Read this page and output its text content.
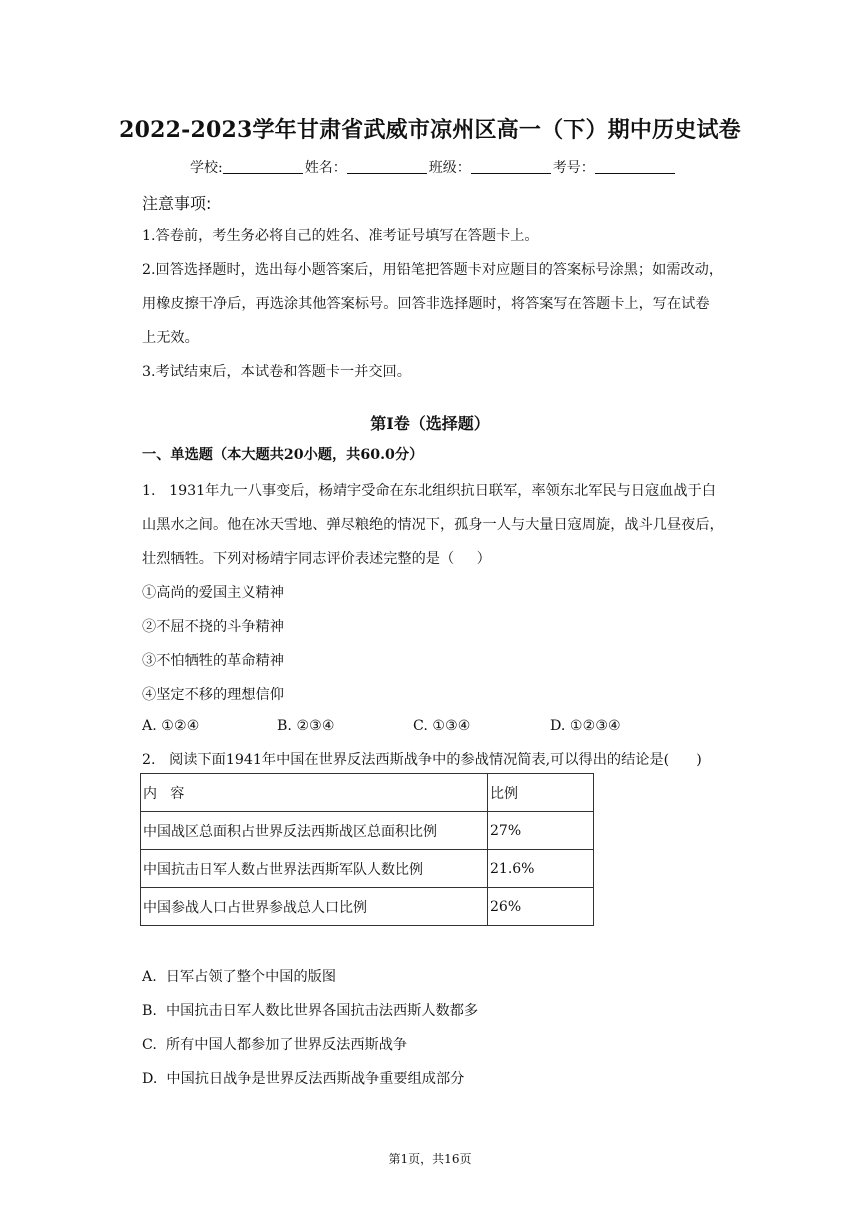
2022-2023学年甘肃省武威市凉州区高一（下）期中历史试卷
学校:	姓名：	班级：	考号：
注意事项:
1.答卷前，考生务必将自己的姓名、准考证号填写在答题卡上。
2.回答选择题时，选出每小题答案后，用铅笔把答题卡对应题目的答案标号涂黑；如需改动，
用橡皮擦干净后，再选涂其他答案标号。回答非选择题时，将答案写在答题卡上，写在试卷
上无效。
3.考试结束后，本试卷和答题卡一并交回。
第I卷（选择题）
一、单选题（本大题共20小题，共60.0分）
1.   1931年九一八事变后，杨靖宇受命在东北组织抗日联军，率领东北军民与日寇血战于白
山黑水之间。他在冰天雪地、弹尽粮绝的情况下，孤身一人与大量日寇周旋，战斗几昼夜后，
壮烈牺牲。下列对杨靖宇同志评价表述完整的是（     ）
①高尚的爱国主义精神
②不屈不挠的斗争精神
③不怕牺牲的革命精神
④坚定不移的理想信仰
A. ①②④	B. ②③④	C. ①③④	D. ①②③④
2.   阅读下面1941年中国在世界反法西斯战争中的参战情况简表,可以得出的结论是(      )
内   容	比例
中国战区总面积占世界反法西斯战区总面积比例	27%
中国抗击日军人数占世界法西斯军队人数比例	21.6%
中国参战人口占世界参战总人口比例	26%
A.  日军占领了整个中国的版图
B.  中国抗击日军人数比世界各国抗击法西斯人数都多
C.  所有中国人都参加了世界反法西斯战争
D.  中国抗日战争是世界反法西斯战争重要组成部分
第1页，共16页
